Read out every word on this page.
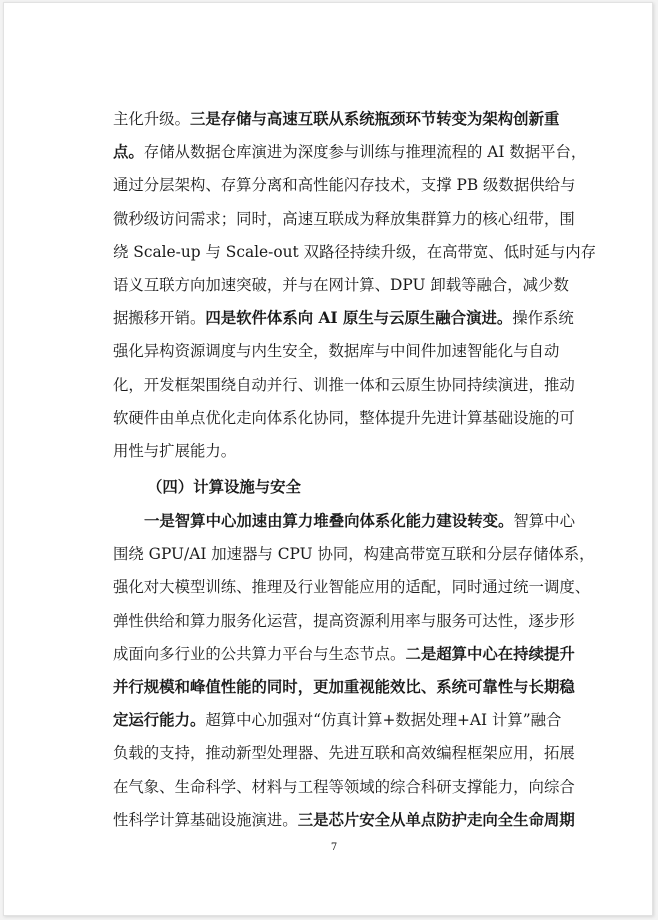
主化升级。三是存储与高速互联从系统瓶颈环节转变为架构创新重
点。存储从数据仓库演进为深度参与训练与推理流程的 AI 数据平台，
通过分层架构、存算分离和高性能闪存技术，支撑 PB 级数据供给与
微秒级访问需求；同时，高速互联成为释放集群算力的核心纽带，围
绕 Scale-up 与 Scale-out 双路径持续升级，在高带宽、低时延与内存
语义互联方向加速突破，并与在网计算、DPU 卸载等融合，减少数
据搬移开销。四是软件体系向 AI 原生与云原生融合演进。操作系统
强化异构资源调度与内生安全，数据库与中间件加速智能化与自动
化，开发框架围绕自动并行、训推一体和云原生协同持续演进，推动
软硬件由单点优化走向体系化协同，整体提升先进计算基础设施的可
用性与扩展能力。
（四）计算设施与安全
一是智算中心加速由算力堆叠向体系化能力建设转变。智算中心
围绕 GPU/AI 加速器与 CPU 协同，构建高带宽互联和分层存储体系，
强化对大模型训练、推理及行业智能应用的适配，同时通过统一调度、
弹性供给和算力服务化运营，提高资源利用率与服务可达性，逐步形
成面向多行业的公共算力平台与生态节点。二是超算中心在持续提升
并行规模和峰值性能的同时，更加重视能效比、系统可靠性与长期稳
定运行能力。超算中心加强对“仿真计算+数据处理+AI 计算”融合
负载的支持，推动新型处理器、先进互联和高效编程框架应用，拓展
在气象、生命科学、材料与工程等领域的综合科研支撑能力，向综合
性科学计算基础设施演进。三是芯片安全从单点防护走向全生命周期
7
